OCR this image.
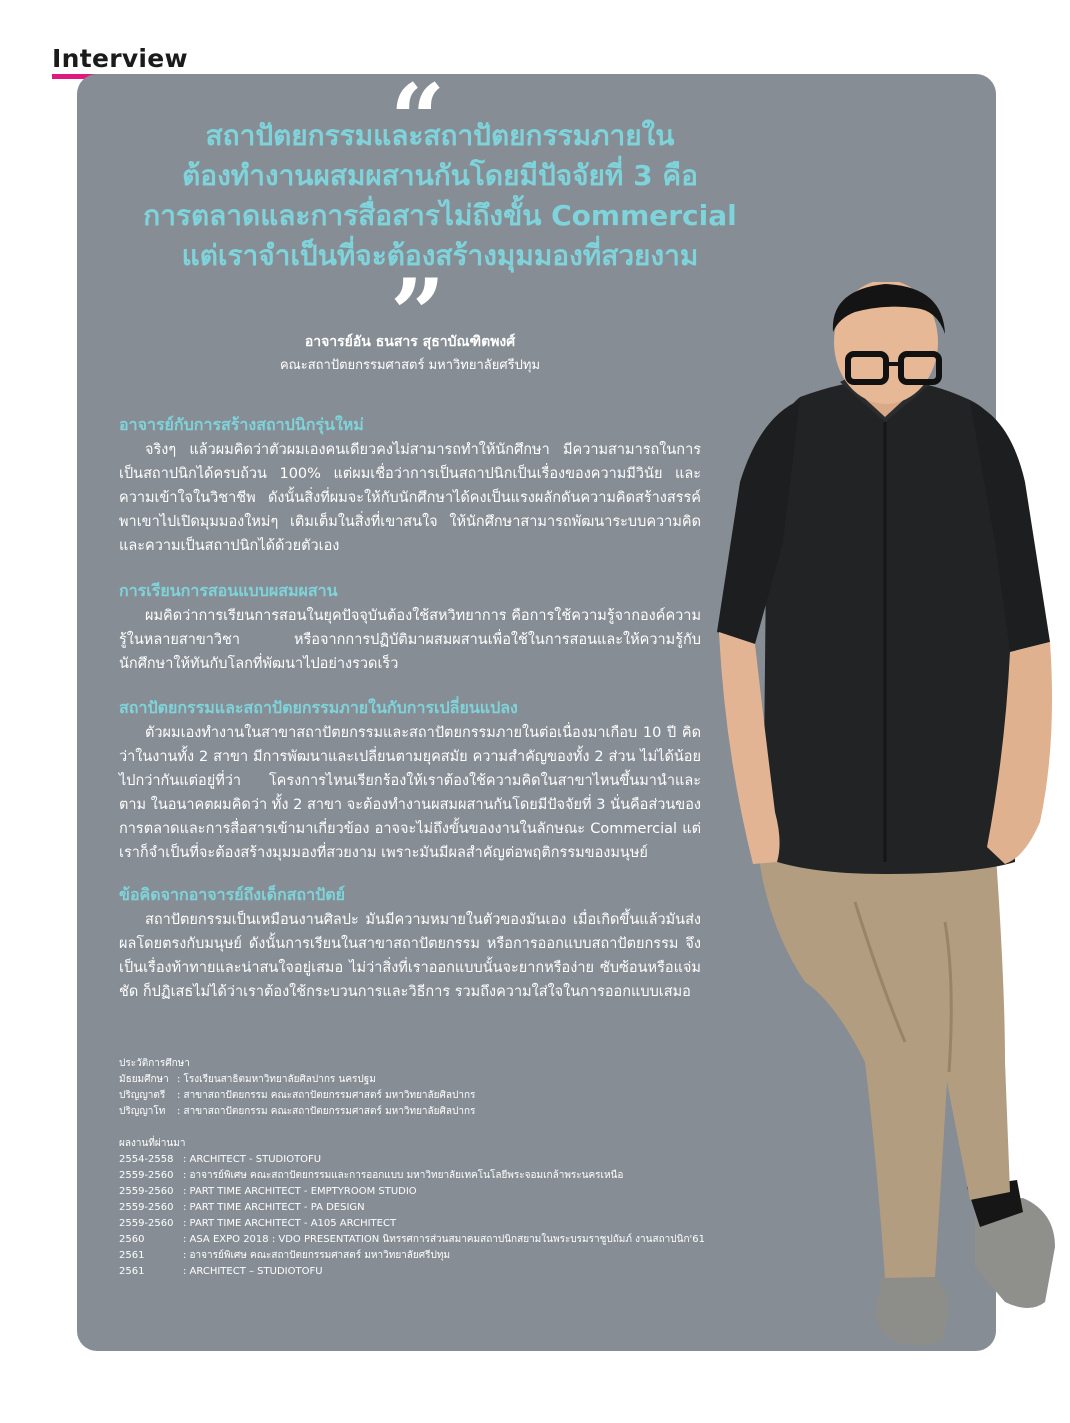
Interview
“
สถาปัตยกรรมและสถาปัตยกรรมภายใน
ต้องทำงานผสมผสานกันโดยมีปัจจัยที่ 3 คือ
การตลาดและการสื่อสารไม่ถึงขั้น Commercial
แต่เราจำเป็นที่จะต้องสร้างมุมมองที่สวยงาม
”
อาจารย์อัน ธนสาร สุธาบัณฑิตพงศ์
คณะสถาปัตยกรรมศาสตร์ มหาวิทยาลัยศรีปทุม
อาจารย์กับการสร้างสถาปนิกรุ่นใหม่

จริงๆ แล้วผมคิดว่าตัวผมเองคนเดียวคงไม่สามารถทำให้นักศึกษา มีความสามารถในการเป็นสถาปนิกได้ครบถ้วน 100% แต่ผมเชื่อว่าการเป็นสถาปนิกเป็นเรื่องของความมีวินัย และความเข้าใจในวิชาชีพ ดังนั้นสิ่งที่ผมจะให้กับนักศึกษาได้คงเป็นแรงผลักดันความคิดสร้างสรรค์ พาเขาไปเปิดมุมมองใหม่ๆ เติมเต็มในสิ่งที่เขาสนใจ ให้นักศึกษาสามารถพัฒนาระบบความคิดและความเป็นสถาปนิกได้ด้วยตัวเอง

การเรียนการสอนแบบผสมผสาน

ผมคิดว่าการเรียนการสอนในยุคปัจจุบันต้องใช้สหวิทยาการ คือการใช้ความรู้จากองค์ความรู้ในหลายสาขาวิชา หรือจากการปฏิบัติมาผสมผสานเพื่อใช้ในการสอนและให้ความรู้กับนักศึกษาให้ทันกับโลกที่พัฒนาไปอย่างรวดเร็ว

สถาปัตยกรรมและสถาปัตยกรรมภายในกับการเปลี่ยนแปลง

ตัวผมเองทำงานในสาขาสถาปัตยกรรมและสถาปัตยกรรมภายในต่อเนื่องมาเกือบ 10 ปี คิดว่าในงานทั้ง 2 สาขา มีการพัฒนาและเปลี่ยนตามยุคสมัย ความสำคัญของทั้ง 2 ส่วน ไม่ได้น้อยไปกว่ากันแต่อยู่ที่ว่า โครงการไหนเรียกร้องให้เราต้องใช้ความคิดในสาขาไหนขึ้นมานำและตาม ในอนาคตผมคิดว่า ทั้ง 2 สาขา จะต้องทำงานผสมผสานกันโดยมีปัจจัยที่ 3 นั่นคือส่วนของการตลาดและการสื่อสารเข้ามาเกี่ยวข้อง อาจจะไม่ถึงขั้นของงานในลักษณะ Commercial แต่เราก็จำเป็นที่จะต้องสร้างมุมมองที่สวยงาม เพราะมันมีผลสำคัญต่อพฤติกรรมของมนุษย์

ข้อคิดจากอาจารย์ถึงเด็กสถาปัตย์

สถาปัตยกรรมเป็นเหมือนงานศิลปะ มันมีความหมายในตัวของมันเอง เมื่อเกิดขึ้นแล้วมันส่งผลโดยตรงกับมนุษย์ ดังนั้นการเรียนในสาขาสถาปัตยกรรม หรือการออกแบบสถาปัตยกรรม จึงเป็นเรื่องท้าทายและน่าสนใจอยู่เสมอ ไม่ว่าสิ่งที่เราออกแบบนั้นจะยากหรือง่าย ซับซ้อนหรือแจ่มชัด ก็ปฏิเสธไม่ได้ว่าเราต้องใช้กระบวนการและวิธีการ รวมถึงความใส่ใจในการออกแบบเสมอ

ประวัติการศึกษา
มัธยมศึกษา : โรงเรียนสาธิตมหาวิทยาลัยศิลปากร นครปฐม
ปริญญาตรี : สาขาสถาปัตยกรรม คณะสถาปัตยกรรมศาสตร์ มหาวิทยาลัยศิลปากร
ปริญญาโท : สาขาสถาปัตยกรรม คณะสถาปัตยกรรมศาสตร์ มหาวิทยาลัยศิลปากร
ผลงานที่ผ่านมา
2554-2558 : ARCHITECT - STUDIOTOFU
2559-2560 : อาจารย์พิเศษ คณะสถาปัตยกรรมและการออกแบบ มหาวิทยาลัยเทคโนโลยีพระจอมเกล้าพระนครเหนือ
2559-2560 : PART TIME ARCHITECT - EMPTYROOM STUDIO
2559-2560 : PART TIME ARCHITECT - PA DESIGN
2559-2560 : PART TIME ARCHITECT - A105 ARCHITECT
2560	: ASA EXPO 2018 : VDO PRESENTATION นิทรรศการส่วนสมาคมสถาปนิกสยามในพระบรมราชูปถัมภ์ งานสถาปนิก'61
2561	: อาจารย์พิเศษ คณะสถาปัตยกรรมศาสตร์ มหาวิทยาลัยศรีปทุม
2561	: ARCHITECT – STUDIOTOFU
